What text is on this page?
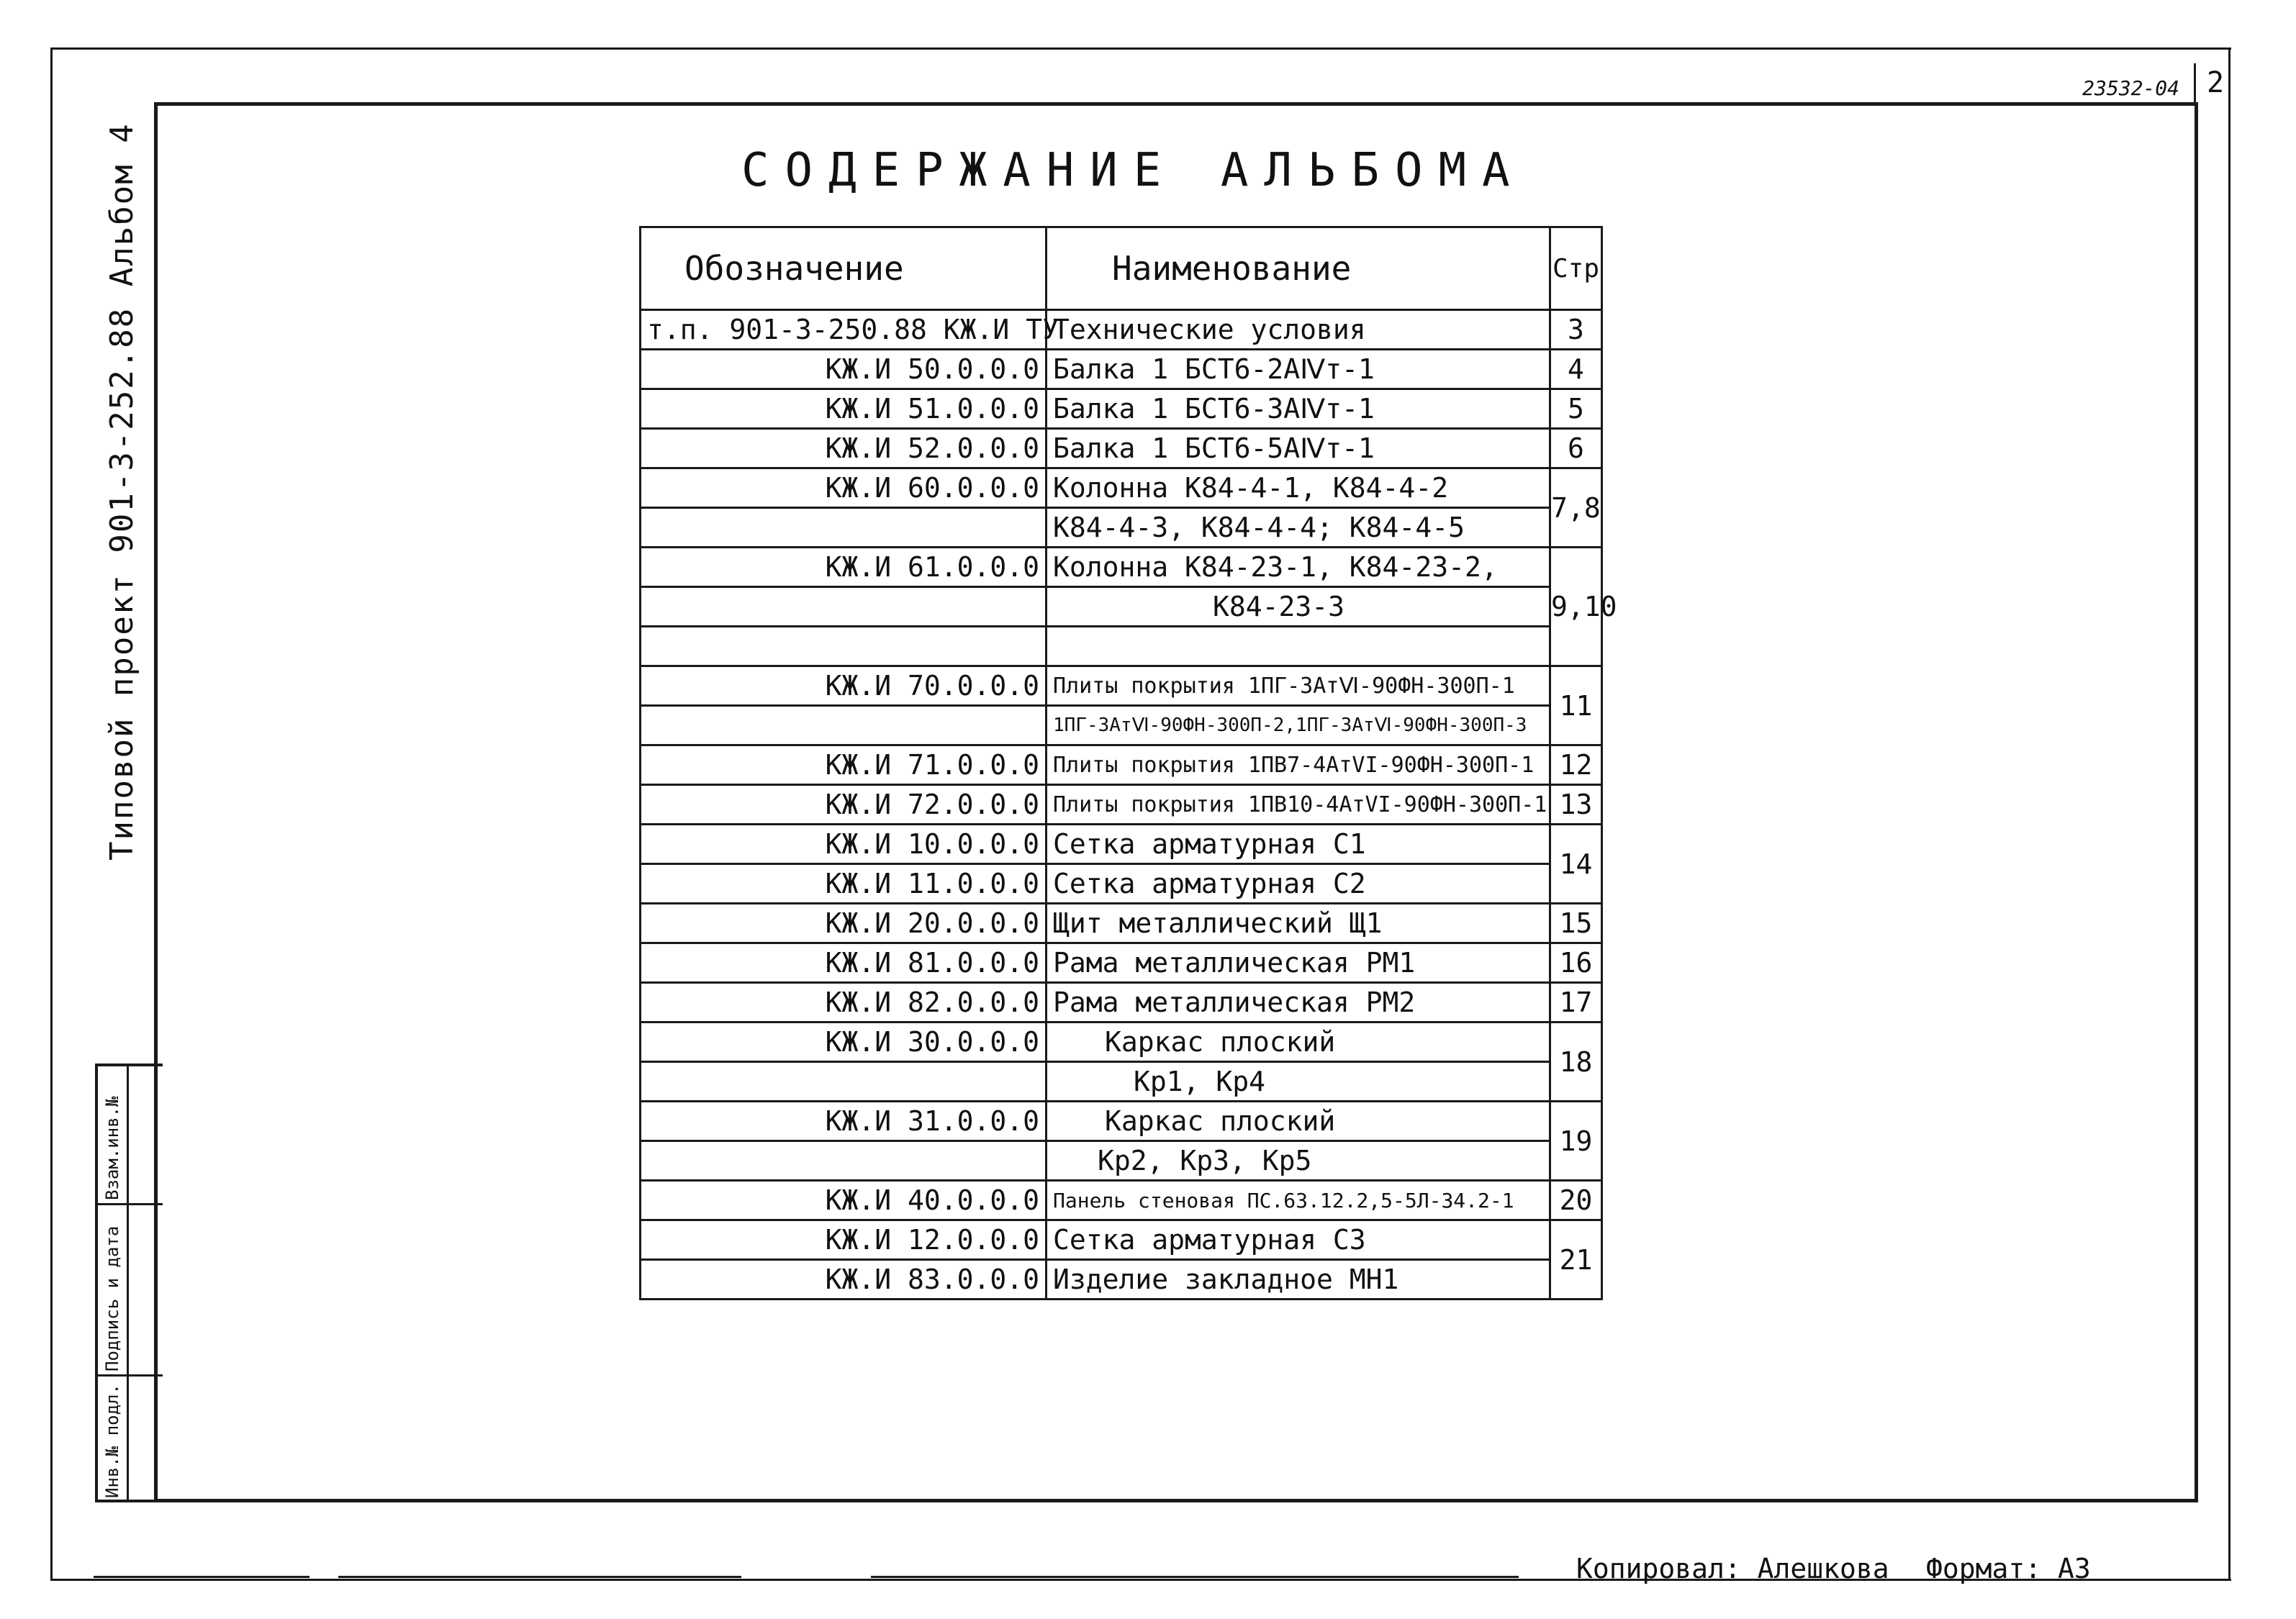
2
23532-04
СОДЕРЖАНИЕ АЛЬБОМА
Типовой проект 901-3-252.88 Альбом 4
Инв.№ подл.
Подпись и дата
Взам.инв.№
Обозначение	Наименование	Стр
т.п. 901-3-250.88 КЖ.И ТУ	Технические условия	3
КЖ.И 50.0.0.0	Балка 1 БСТ6-2АⅣт-1	4
КЖ.И 51.0.0.0	Балка 1 БСТ6-3АⅣт-1	5
КЖ.И 52.0.0.0	Балка 1 БСТ6-5АⅣт-1	6
КЖ.И 60.0.0.0	Колонна К84-4-1, К84-4-2	7,8
	К84-4-3, К84-4-4; К84-4-5	
КЖ.И 61.0.0.0	Колонна К84-23-1, К84-23-2,	9,10
	К84-23-3	

КЖ.И 70.0.0.0	Плиты покрытия 1ПГ-3АтⅥ-90ФН-300П-1	11
	1ПГ-3АтⅥ-90ФН-300П-2,1ПГ-3АтⅥ-90ФН-300П-3	
КЖ.И 71.0.0.0	Плиты покрытия 1ПВ7-4АтVI-90ФН-300П-1	12
КЖ.И 72.0.0.0	Плиты покрытия 1ПВ10-4АтVI-90ФН-300П-1	13
КЖ.И 10.0.0.0	Сетка арматурная С1	14
КЖ.И 11.0.0.0	Сетка арматурная С2	
КЖ.И 20.0.0.0	Щит металлический Щ1	15
КЖ.И 81.0.0.0	Рама металлическая РМ1	16
КЖ.И 82.0.0.0	Рама металлическая РМ2	17
КЖ.И 30.0.0.0	Каркас плоский	18
	Кр1, Кр4	
КЖ.И 31.0.0.0	Каркас плоский	19
	Кр2, Кр3, Кр5	
КЖ.И 40.0.0.0	Панель стеновая ПС.63.12.2,5-5Л-34.2-1	20
КЖ.И 12.0.0.0	Сетка арматурная С3	21
КЖ.И 83.0.0.0	Изделие закладное МН1	
Копировал: Алешкова Формат: А3
